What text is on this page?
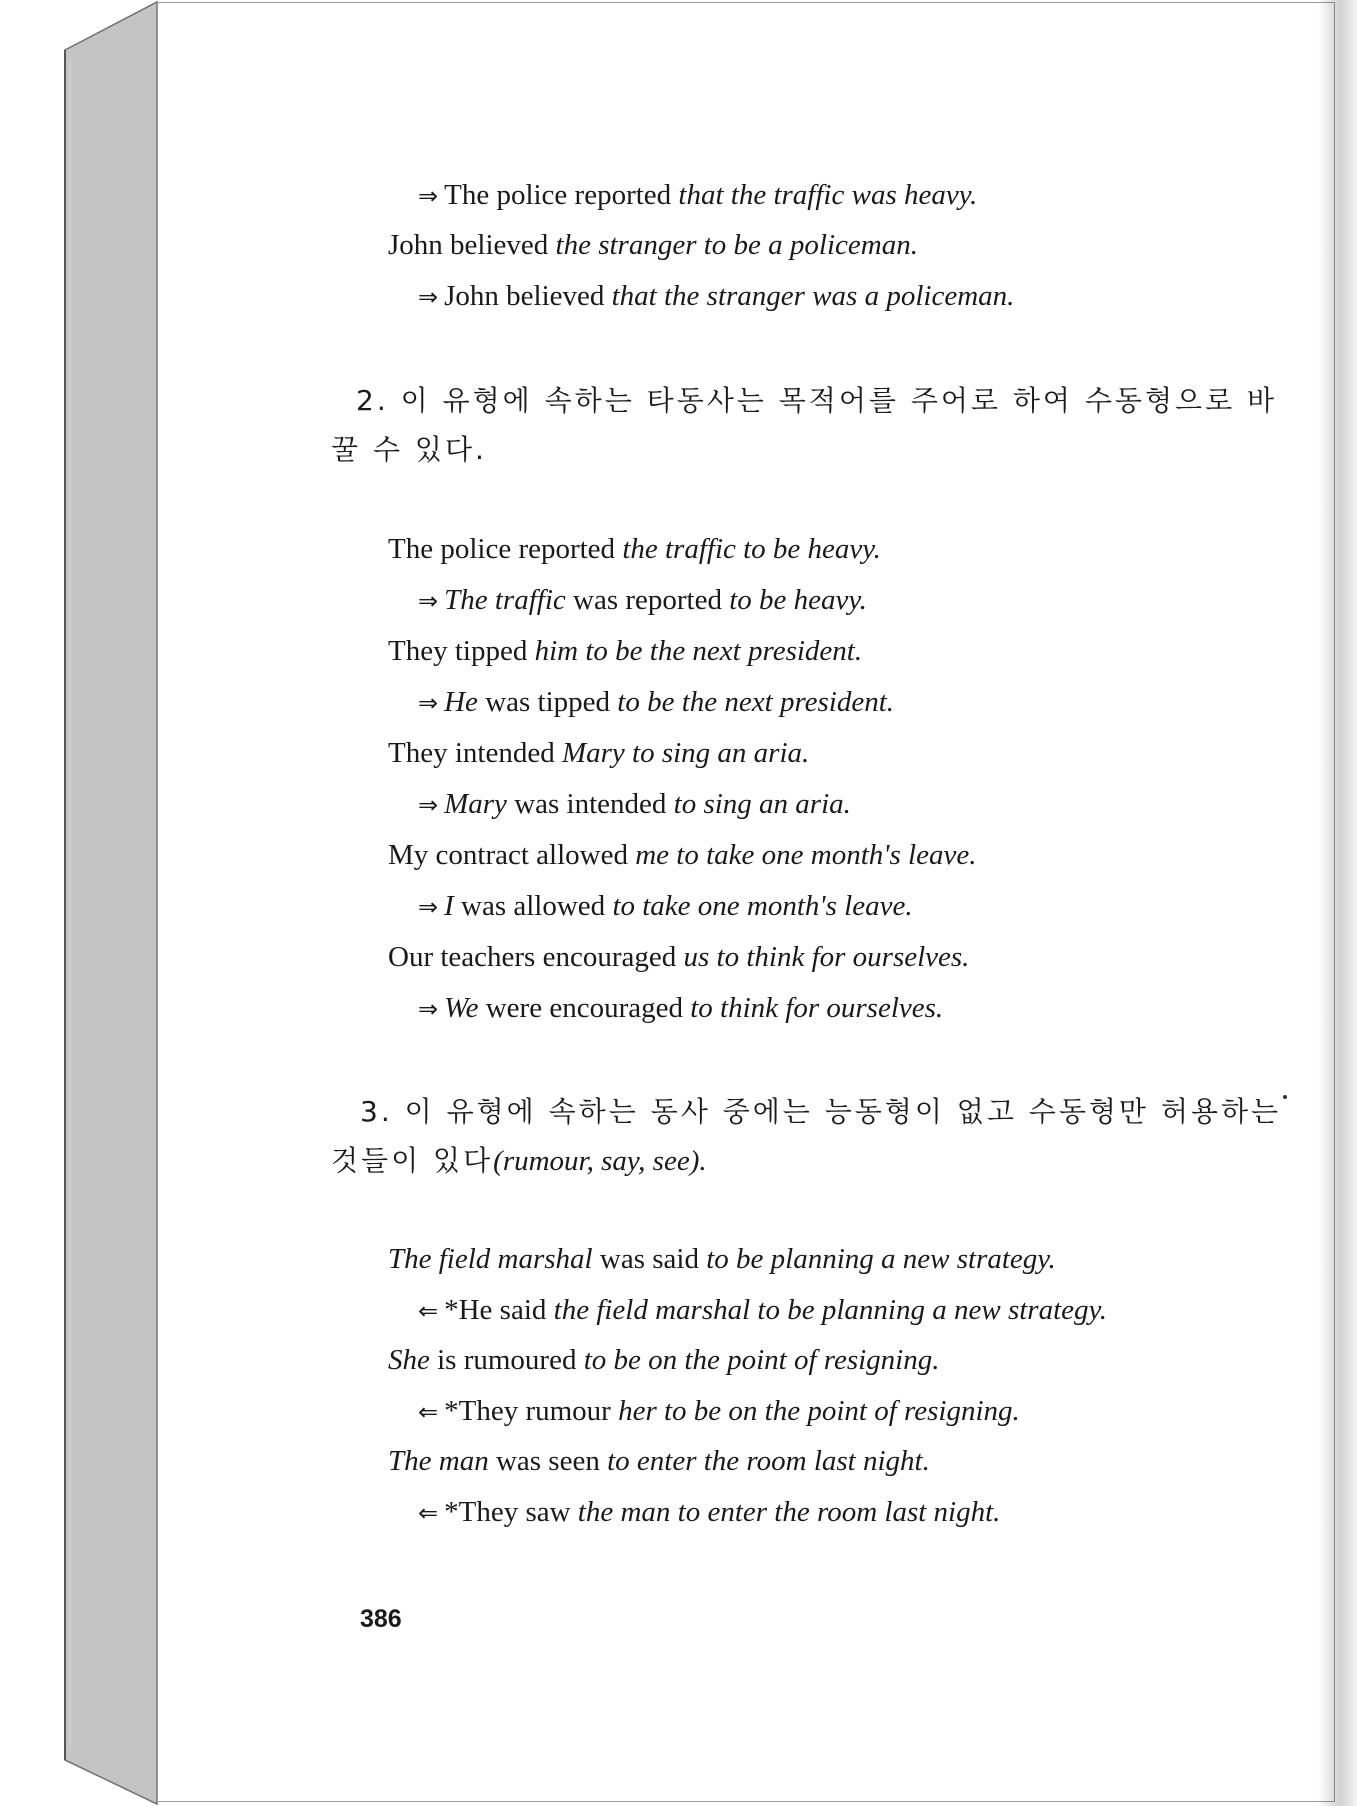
⇒ The police reported that the traffic was heavy.
John believed the stranger to be a policeman.
⇒ John believed that the stranger was a policeman.
2. 이 유형에 속하는 타동사는 목적어를 주어로 하여 수동형으로 바
꿀 수 있다.
The police reported the traffic to be heavy.
⇒ The traffic was reported to be heavy.
They tipped him to be the next president.
⇒ He was tipped to be the next president.
They intended Mary to sing an aria.
⇒ Mary was intended to sing an aria.
My contract allowed me to take one month's leave.
⇒ I was allowed to take one month's leave.
Our teachers encouraged us to think for ourselves.
⇒ We were encouraged to think for ourselves.
3. 이 유형에 속하는 동사 중에는 능동형이 없고 수동형만 허용하는
것들이 있다(rumour, say, see).
The field marshal was said to be planning a new strategy.
⇐ *He said the field marshal to be planning a new strategy.
She is rumoured to be on the point of resigning.
⇐ *They rumour her to be on the point of resigning.
The man was seen to enter the room last night.
⇐ *They saw the man to enter the room last night.
386
